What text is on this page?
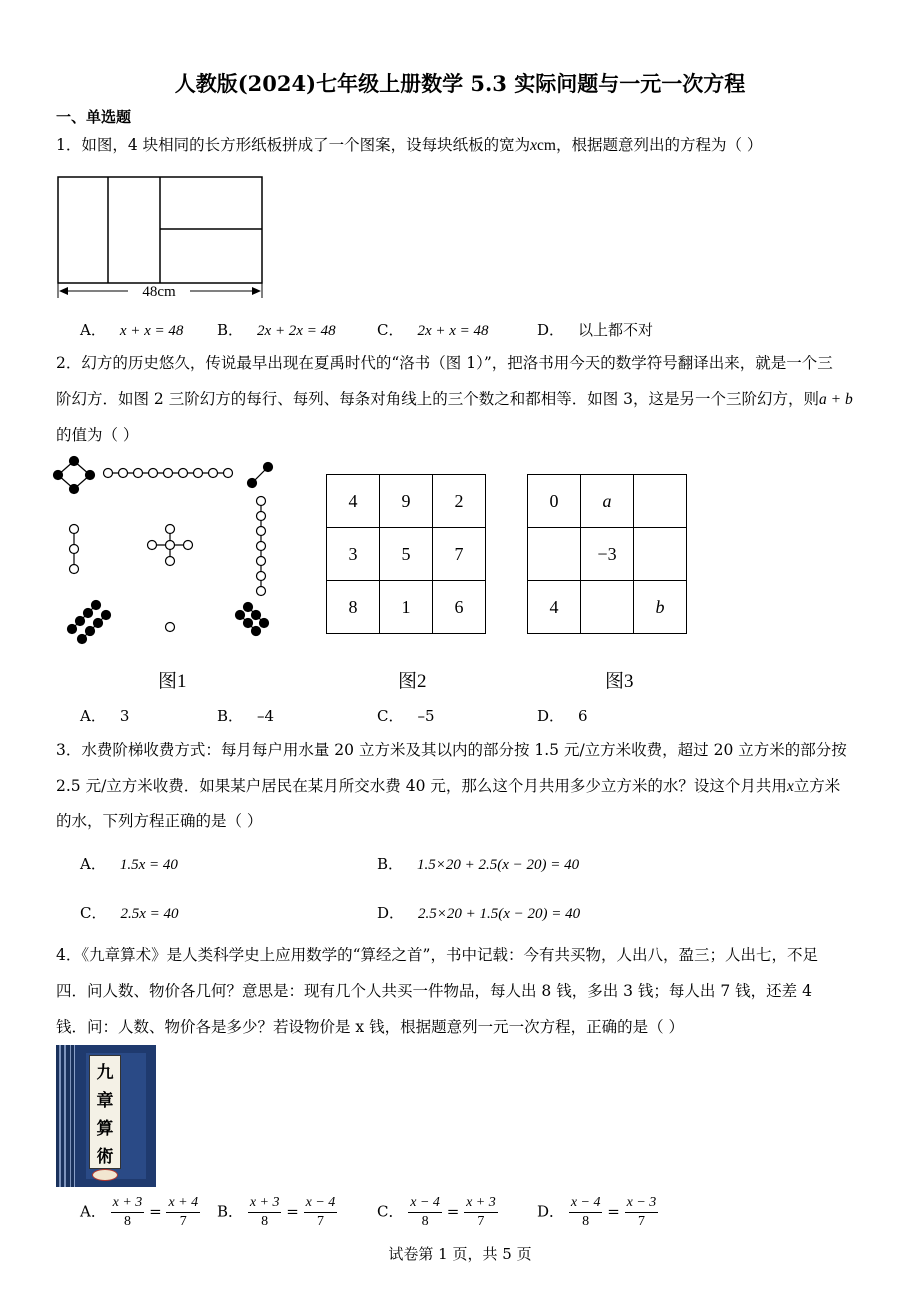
人教版(2024)七年级上册数学 5.3 实际问题与一元一次方程
一、单选题
1．如图，4 块相同的长方形纸板拼成了一个图案，设每块纸板的宽为xcm，根据题意列出的方程为（ ）
48cm
A． x + x = 48 B． 2x + 2x = 48	C． 2x + x = 48	D． 以上都不对
2．幻方的历史悠久，传说最早出现在夏禹时代的“洛书（图 1）”，把洛书用今天的数学符号翻译出来，就是一个三
阶幻方．如图 2 三阶幻方的每行、每列、每条对角线上的三个数之和都相等．如图 3，这是另一个三阶幻方，则a + b
的值为（ ）
4	9	2
3	5	7
8	1	6
0	a	
	−3	
4		b
图1	图2	图3
A． 3	B． –4	C． –5	D． 6
3．水费阶梯收费方式：每月每户用水量 20 立方米及其以内的部分按 1.5 元/立方米收费，超过 20 立方米的部分按
2.5 元/立方米收费．如果某户居民在某月所交水费 40 元，那么这个月共用多少立方米的水？设这个月共用x立方米
的水，下列方程正确的是（ ）
A． 1.5x = 40	B． 1.5×20 + 2.5(x − 20) = 40
C． 2.5x = 40	D． 2.5×20 + 1.5(x − 20) = 40
4．《九章算术》是人类科学史上应用数学的“算经之首”，书中记载：今有共买物，人出八，盈三；人出七，不足
四．问人数、物价各几何？意思是：现有几个人共买一件物品，每人出 8 钱，多出 3 钱；每人出 7 钱，还差 4
钱．问：人数、物价各是多少？若设物价是 x 钱，根据题意列一元一次方程，正确的是（ ）
九
章
算
術
A． $\frac{x + 3}{8} = \frac{x + 4}{7}$ B． $\frac{x + 3}{8} = \frac{x - 4}{7}$	C． $\frac{x - 4}{8} = \frac{x + 3}{7}$	D． $\frac{x - 4}{8} = \frac{x - 3}{7}$
试卷第 1 页，共 5 页
